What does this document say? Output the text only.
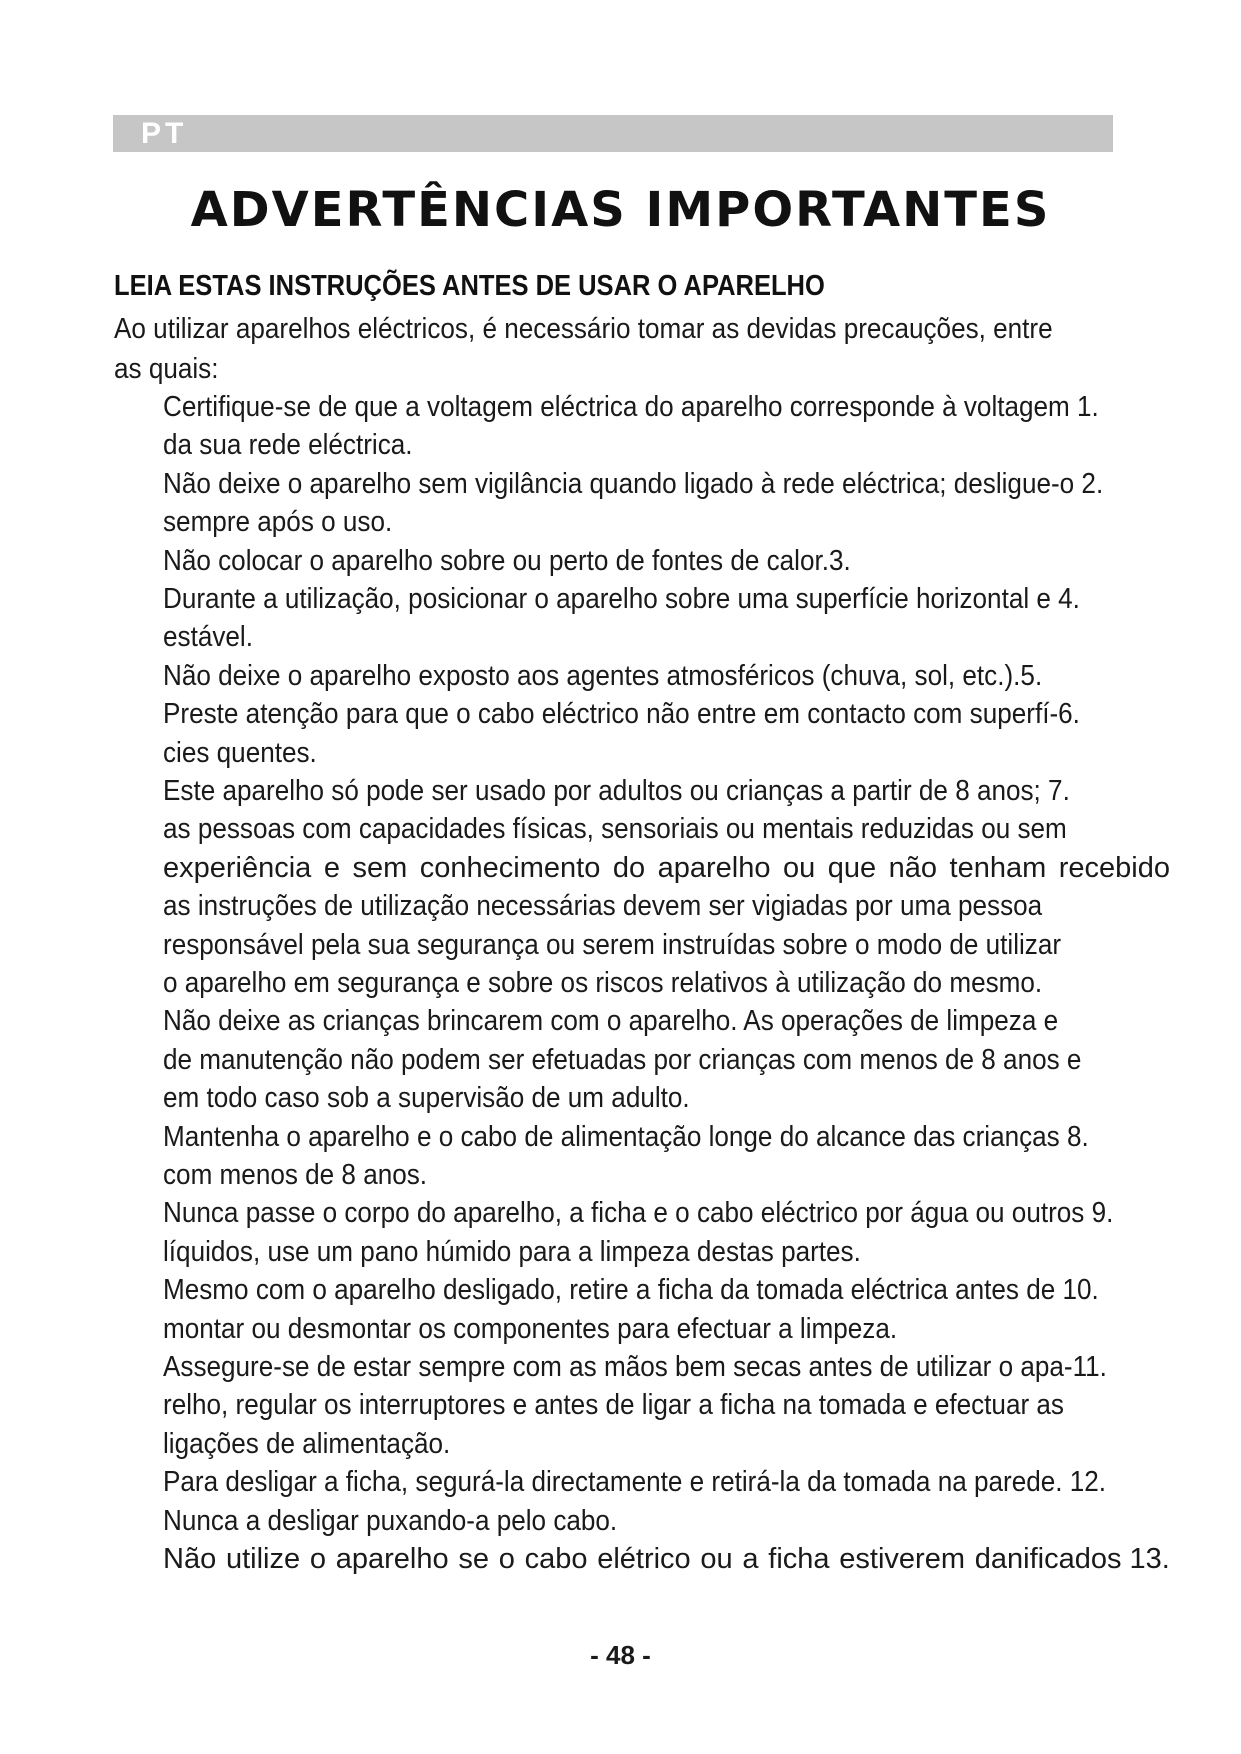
PT
ADVERTÊNCIAS IMPORTANTES
LEIA ESTAS INSTRUÇÕES ANTES DE USAR O APARELHO
Ao utilizar aparelhos eléctricos, é necessário tomar as devidas precauções, entre
as quais:
Certifique-se de que a voltagem eléctrica do aparelho corresponde à voltagem 1.
da sua rede eléctrica.
Não deixe o aparelho sem vigilância quando ligado à rede eléctrica; desligue-o 2.
sempre após o uso.
Não colocar o aparelho sobre ou perto de fontes de calor.3.
Durante a utilização, posicionar o aparelho sobre uma superfície horizontal e 4.
estável.
Não deixe o aparelho exposto aos agentes atmosféricos (chuva, sol, etc.).5.
Preste atenção para que o cabo eléctrico não entre em contacto com superfí-6.
cies quentes.
Este aparelho só pode ser usado por adultos ou crianças a partir de 8 anos; 7.
as pessoas com capacidades físicas, sensoriais ou mentais reduzidas ou sem
experiência e sem conhecimento do aparelho ou que não tenham recebido
as instruções de utilização necessárias devem ser vigiadas por uma pessoa
responsável pela sua segurança ou serem instruídas sobre o modo de utilizar
o aparelho em segurança e sobre os riscos relativos à utilização do mesmo.
Não deixe as crianças brincarem com o aparelho. As operações de limpeza e
de manutenção não podem ser efetuadas por crianças com menos de 8 anos e
em todo caso sob a supervisão de um adulto.
Mantenha o aparelho e o cabo de alimentação longe do alcance das crianças 8.
com menos de 8 anos.
Nunca passe o corpo do aparelho, a ficha e o cabo eléctrico por água ou outros 9.
líquidos, use um pano húmido para a limpeza destas partes.
Mesmo com o aparelho desligado, retire a ficha da tomada eléctrica antes de 10.
montar ou desmontar os componentes para efectuar a limpeza.
Assegure-se de estar sempre com as mãos bem secas antes de utilizar o apa-11.
relho, regular os interruptores e antes de ligar a ficha na tomada e efectuar as
ligações de alimentação.
Para desligar a ficha, segurá-la directamente e retirá-la da tomada na parede. 12.
Nunca a desligar puxando-a pelo cabo.
Não utilize o aparelho se o cabo elétrico ou a ficha estiverem danificados 13.
- 48 -
